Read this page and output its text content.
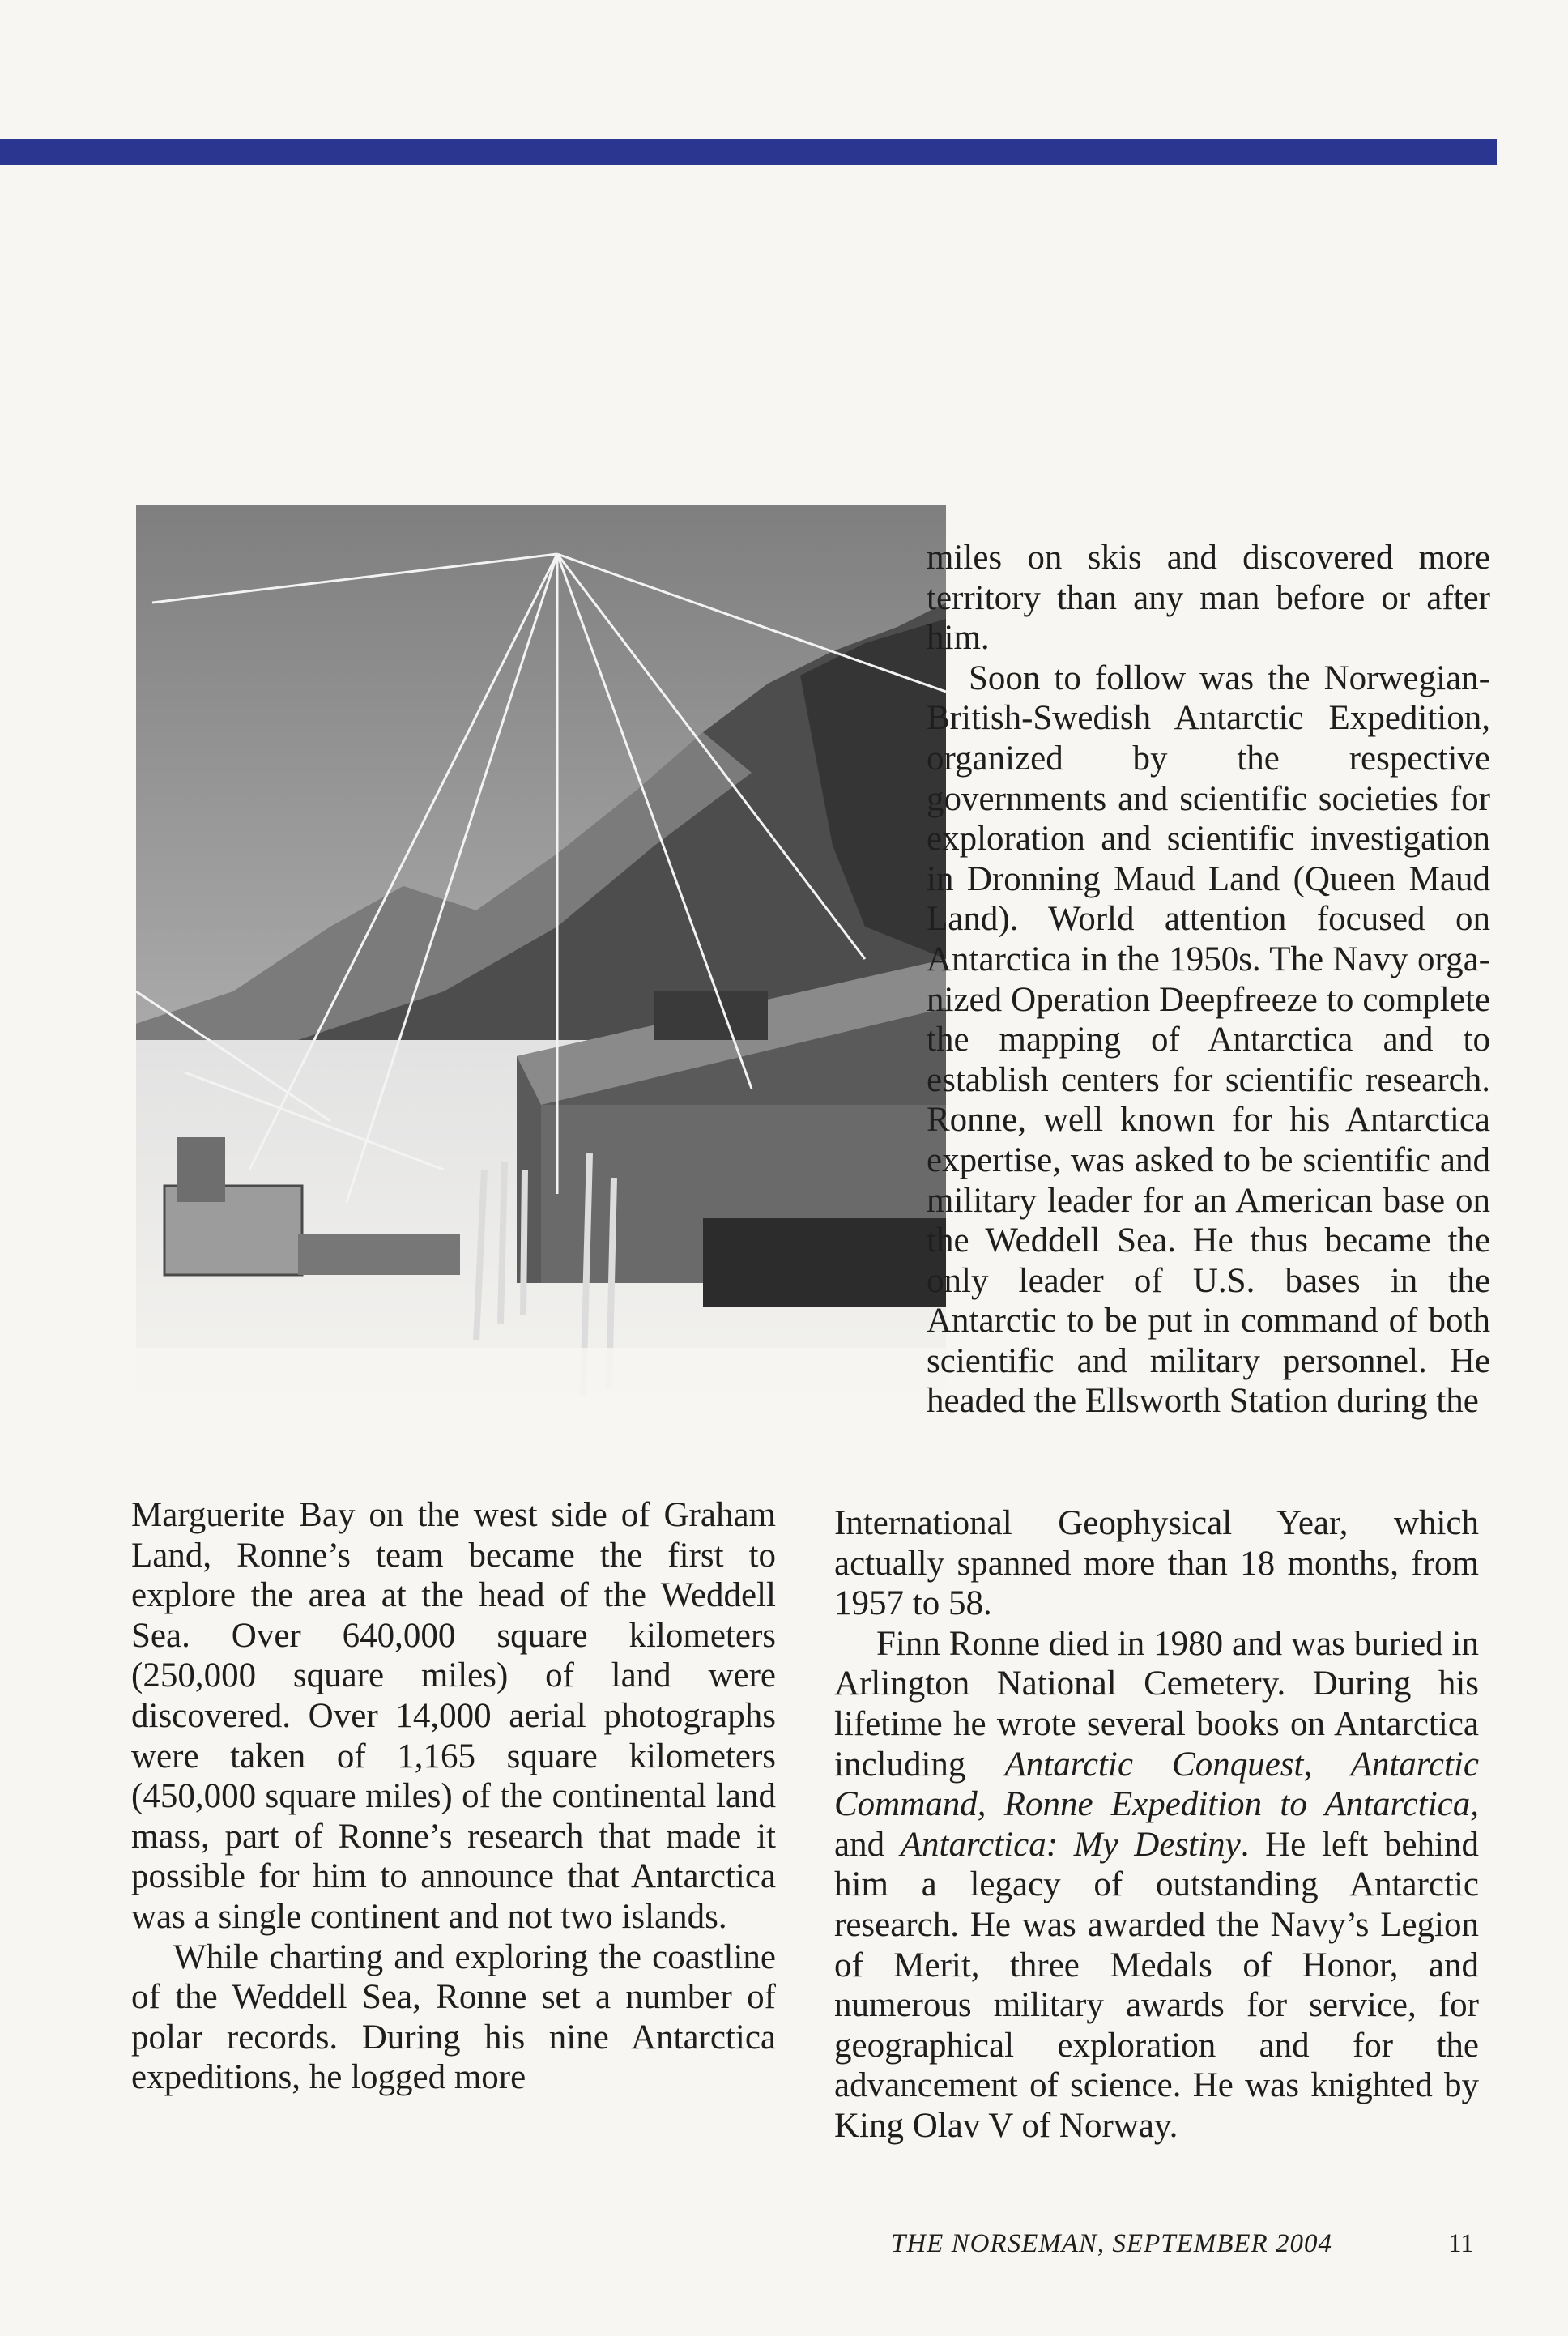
Marguerite Bay on the west side of Graham Land, Ronne’s team became the first to explore the area at the head of the Weddell Sea. Over 640,000 square kilometers (250,000 square miles) of land were discovered. Over 14,000 aerial photographs were taken of 1,165 square kilometers (450,000 square miles) of the continental land mass, part of Ronne’s research that made it possible for him to announce that Antarctica was a single continent and not two islands.

While charting and exploring the coastline of the Weddell Sea, Ronne set a number of polar records. During his nine Antarctica expeditions, he logged more

miles on skis and discovered more territory than any man before or after him.

Soon to follow was the Norwegian-British-Swedish Antarctic Expedition, organized by the respective governments and scientific societies for exploration and scientific investigation in Dronning Maud Land (Queen Maud Land). World attention focused on Antarctica in the 1950s. The Navy organized Operation Deepfreeze to complete the mapping of Antarctica and to establish centers for scientific research. Ronne, well known for his Antarctica expertise, was asked to be scientific and military leader for an American base on the Weddell Sea. He thus became the only leader of U.S. bases in the Antarctic to be put in command of both scientific and military personnel. He headed the Ellsworth Station during the

International Geophysical Year, which actually spanned more than 18 months, from 1957 to 58.

Finn Ronne died in 1980 and was buried in Arlington National Cemetery. During his lifetime he wrote several books on Antarctica including Antarctic Conquest, Antarctic Command, Ronne Expedition to Antarctica, and Antarctica: My Destiny. He left behind him a legacy of outstanding Antarctic research. He was awarded the Navy’s Legion of Merit, three Medals of Honor, and numerous military awards for service, for geographical exploration and for the advancement of science. He was knighted by King Olav V of Norway.

THE NORSEMAN, SEPTEMBER 2004	11
